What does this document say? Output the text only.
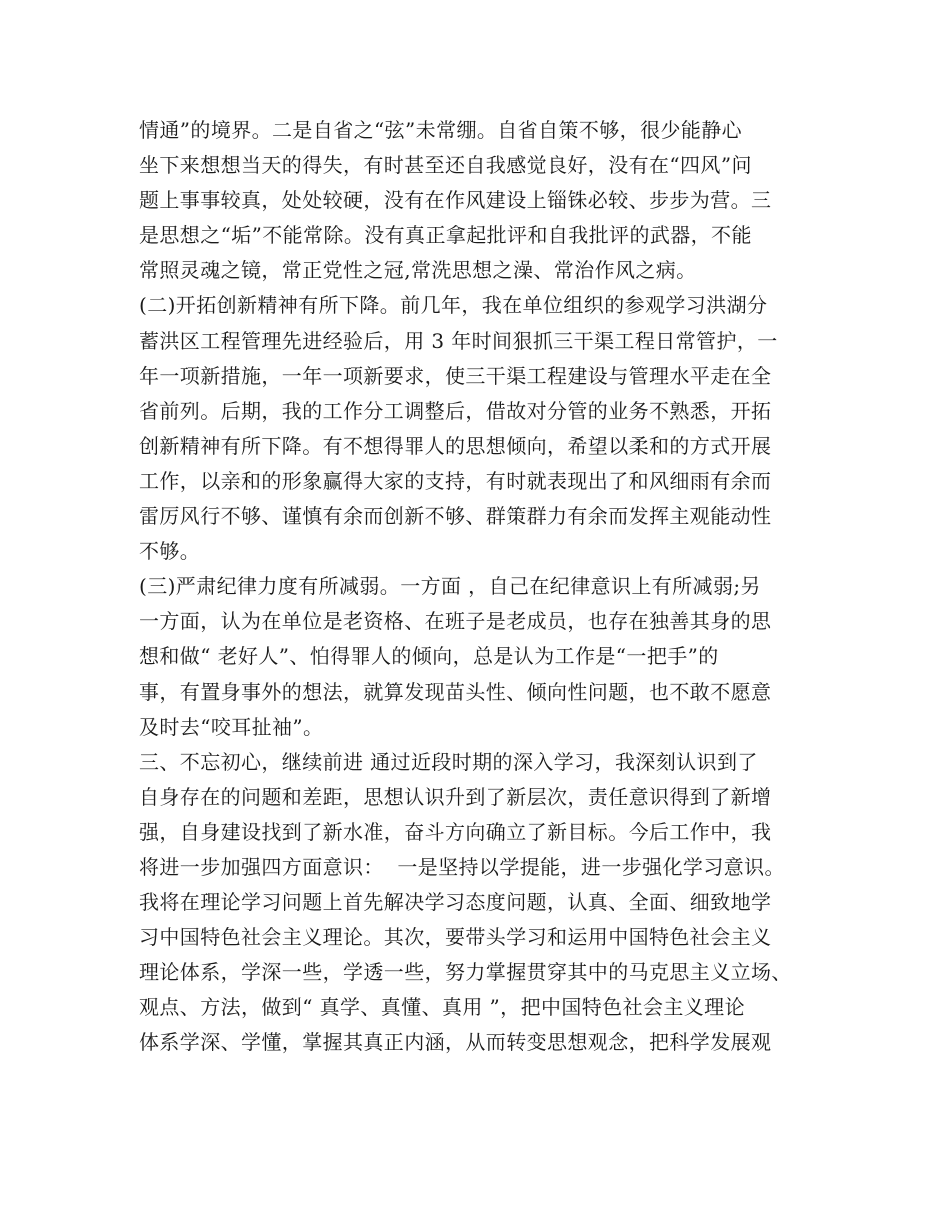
情通”的境界。二是自省之“弦”未常绷。自省自策不够，很少能静心
坐下来想想当天的得失，有时甚至还自我感觉良好，没有在“四风”问
题上事事较真，处处较硬，没有在作风建设上锱铢必较、步步为营。三
是思想之“垢”不能常除。没有真正拿起批评和自我批评的武器，不能
常照灵魂之镜，常正党性之冠,常洗思想之澡、常治作风之病。
(二)开拓创新精神有所下降。前几年，我在单位组织的参观学习洪湖分
蓄洪区工程管理先进经验后，用 3 年时间狠抓三干渠工程日常管护，一
年一项新措施，一年一项新要求，使三干渠工程建设与管理水平走在全
省前列。后期，我的工作分工调整后，借故对分管的业务不熟悉，开拓
创新精神有所下降。有不想得罪人的思想倾向，希望以柔和的方式开展
工作，以亲和的形象赢得大家的支持，有时就表现出了和风细雨有余而
雷厉风行不够、谨慎有余而创新不够、群策群力有余而发挥主观能动性
不够。
(三)严肃纪律力度有所减弱。一方面 ，自己在纪律意识上有所减弱;另
一方面，认为在单位是老资格、在班子是老成员，也存在独善其身的思
想和做“ 老好人”、怕得罪人的倾向，总是认为工作是“一把手”的
事，有置身事外的想法，就算发现苗头性、倾向性问题，也不敢不愿意
及时去“咬耳扯袖”。
三、不忘初心，继续前进 通过近段时期的深入学习，我深刻认识到了
自身存在的问题和差距，思想认识升到了新层次，责任意识得到了新增
强，自身建设找到了新水准，奋斗方向确立了新目标。今后工作中，我
将进一步加强四方面意识：  一是坚持以学提能，进一步强化学习意识。
我将在理论学习问题上首先解决学习态度问题，认真、全面、细致地学
习中国特色社会主义理论。其次，要带头学习和运用中国特色社会主义
理论体系，学深一些，学透一些，努力掌握贯穿其中的马克思主义立场、
观点、方法，做到“ 真学、真懂、真用 ”，把中国特色社会主义理论
体系学深、学懂，掌握其真正内涵，从而转变思想观念，把科学发展观
